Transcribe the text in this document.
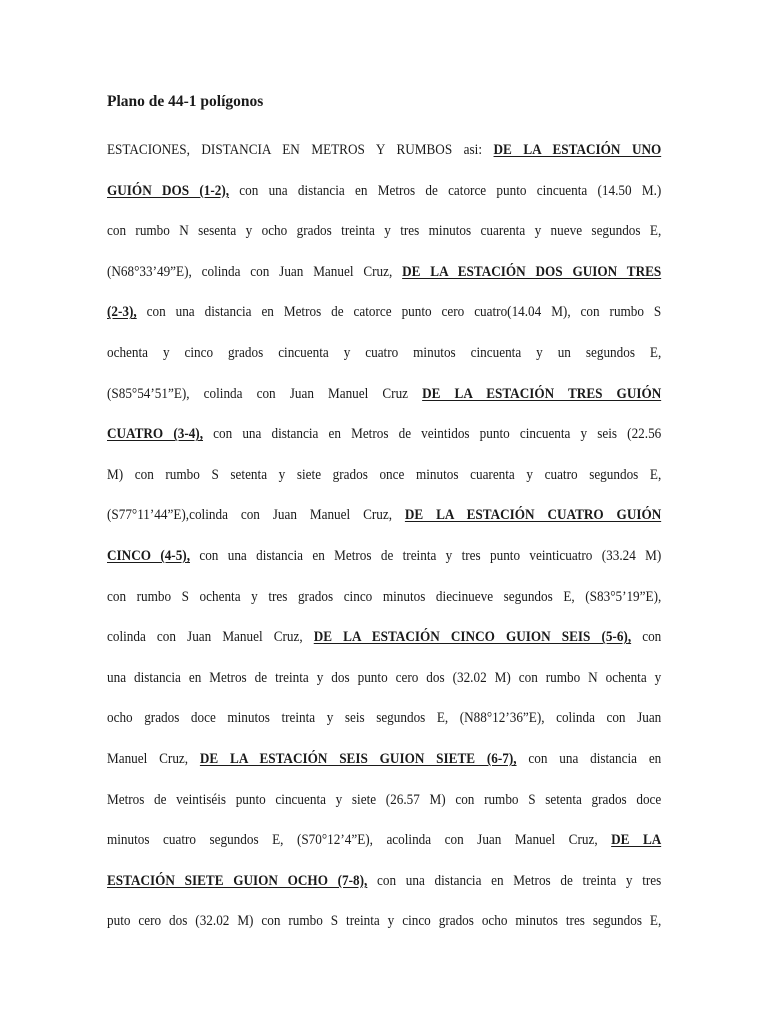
Plano de 44-1 polígonos
ESTACIONES, DISTANCIA EN METROS Y RUMBOS asi: DE LA ESTACIÓN UNO
GUIÓN DOS (1-2), con una distancia en Metros de catorce punto cincuenta (14.50 M.)
con rumbo N sesenta y ocho grados treinta y tres minutos cuarenta y nueve segundos E,
(N68°33’49”E), colinda con Juan Manuel Cruz, DE LA ESTACIÓN DOS GUION TRES
(2-3), con una distancia en Metros de catorce punto cero cuatro(14.04 M), con rumbo S
ochenta y cinco grados cincuenta y cuatro minutos cincuenta y un segundos E,
(S85°54’51”E), colinda con Juan Manuel Cruz DE LA ESTACIÓN TRES GUIÓN
CUATRO (3-4), con una distancia en Metros de veintidos punto cincuenta y seis (22.56
M) con rumbo S setenta y siete grados once minutos cuarenta y cuatro segundos E,
(S77°11’44”E),colinda con Juan Manuel Cruz, DE LA ESTACIÓN CUATRO GUIÓN
CINCO (4-5), con una distancia en Metros de treinta y tres punto veinticuatro (33.24 M)
con rumbo S ochenta y tres grados cinco minutos diecinueve segundos E, (S83°5’19”E),
colinda con Juan Manuel Cruz, DE LA ESTACIÓN CINCO GUION SEIS (5-6), con
una distancia en Metros de treinta y dos punto cero dos (32.02 M) con rumbo N ochenta y
ocho grados doce minutos treinta y seis segundos E, (N88°12’36”E), colinda con Juan
Manuel Cruz, DE LA ESTACIÓN SEIS GUION SIETE (6-7), con una distancia en
Metros de veintiséis punto cincuenta y siete (26.57 M) con rumbo S setenta grados doce
minutos cuatro segundos E, (S70°12’4”E), acolinda con Juan Manuel Cruz, DE LA
ESTACIÓN SIETE GUION OCHO (7-8), con una distancia en Metros de treinta y tres
puto cero dos (32.02 M) con rumbo S treinta y cinco grados ocho minutos tres segundos E,
